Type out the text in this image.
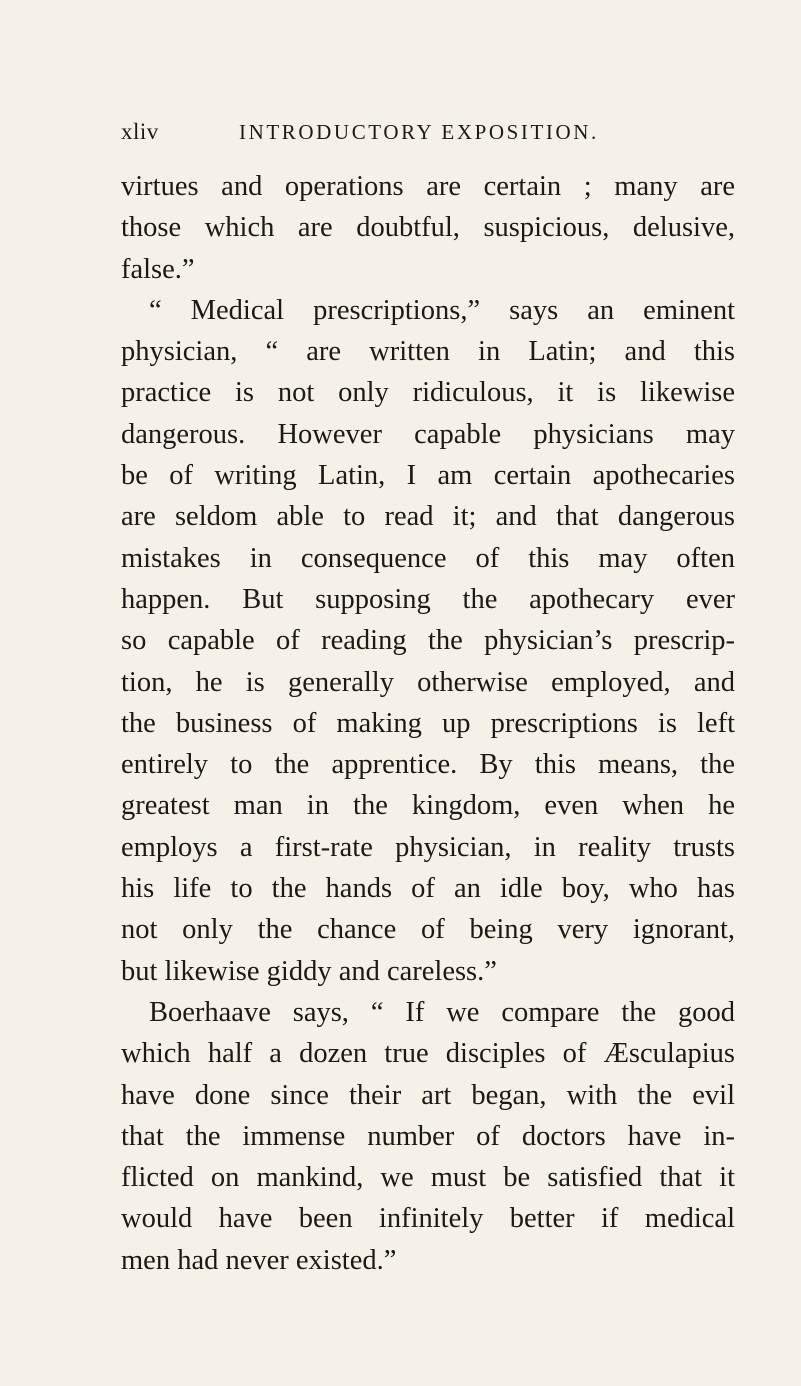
xliv	INTRODUCTORY EXPOSITION.
virtues and operations are certain ; many are
those which are doubtful, suspicious, delusive,
false.”
“ Medical prescriptions,” says an eminent
physician, “ are written in Latin; and this
practice is not only ridiculous, it is likewise
dangerous. However capable physicians may
be of writing Latin, I am certain apothecaries
are seldom able to read it; and that dangerous
mistakes in consequence of this may often
happen. But supposing the apothecary ever
so capable of reading the physician’s prescrip-
tion, he is generally otherwise employed, and
the business of making up prescriptions is left
entirely to the apprentice. By this means, the
greatest man in the kingdom, even when he
employs a first-rate physician, in reality trusts
his life to the hands of an idle boy, who has
not only the chance of being very ignorant,
but likewise giddy and careless.”
Boerhaave says, “ If we compare the good
which half a dozen true disciples of Æsculapius
have done since their art began, with the evil
that the immense number of doctors have in-
flicted on mankind, we must be satisfied that it
would have been infinitely better if medical
men had never existed.”
